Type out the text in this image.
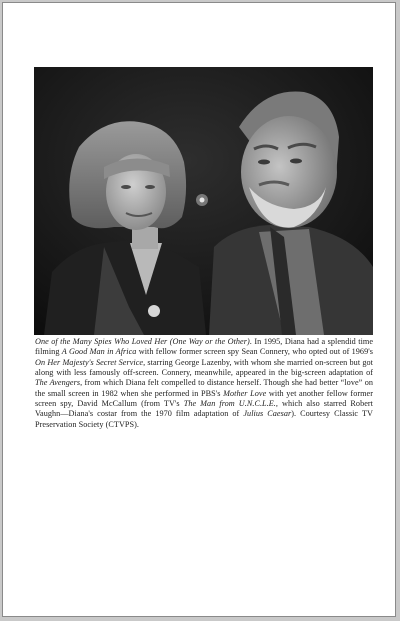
One of the Many Spies Who Loved Her (One Way or the Other). In 1995, Diana had a splendid time filming A Good Man in Africa with fellow former screen spy Sean Connery, who opted out of 1969's On Her Majesty's Secret Service, starring George Lazenby, with whom she married on-screen but got along with less famously off-screen. Connery, meanwhile, appeared in the big-screen adaptation of The Avengers, from which Diana felt compelled to distance herself. Though she had better “love” on the small screen in 1982 when she performed in PBS's Mother Love with yet another fellow former screen spy, David McCallum (from TV's The Man from U.N.C.L.E., which also starred Robert Vaughn—Diana's costar from the 1970 film adaptation of Julius Caesar). Courtesy Classic TV Preservation Society (CTVPS).
